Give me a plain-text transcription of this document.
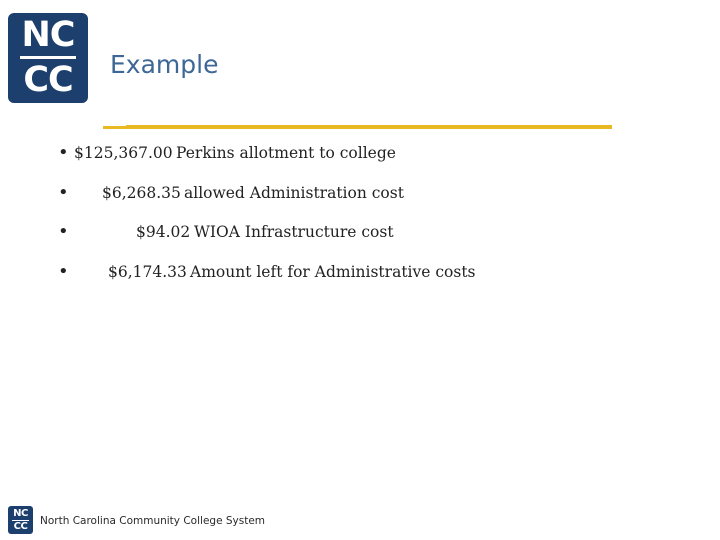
NC
CC Example
• $125,367.00 Perkins allotment to college
• $6,268.35 allowed Administration cost
•	$94.02 WIOA Infrastructure cost
•	$6,174.33 Amount left for Administrative costs
NC
CC North Carolina Community College System
